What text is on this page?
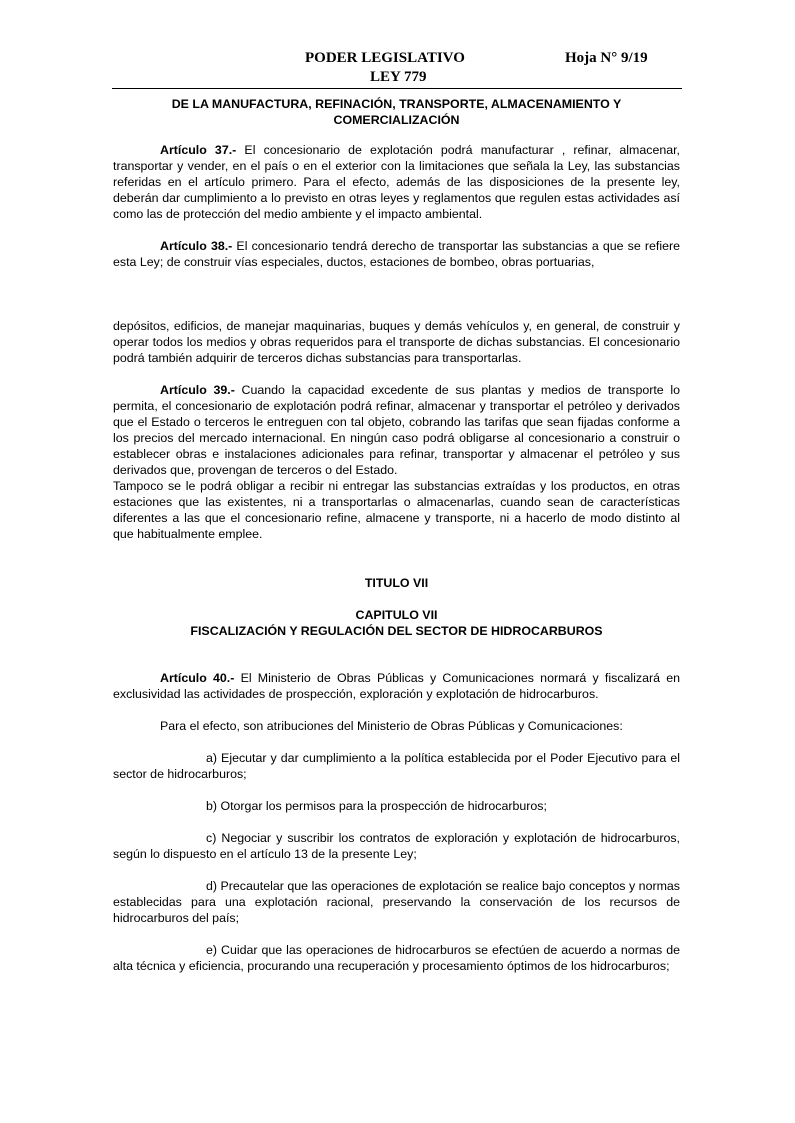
PODER LEGISLATIVO	Hoja N° 9/19
LEY 779
DE LA MANUFACTURA, REFINACIÓN, TRANSPORTE, ALMACENAMIENTO Y
COMERCIALIZACIÓN

Artículo 37.- El concesionario de explotación podrá manufacturar , refinar, almacenar, transportar y vender, en el país o en el exterior con la limitaciones que señala la Ley, las substancias referidas en el artículo primero. Para el efecto, además de las disposiciones de la presente ley, deberán dar cumplimiento a lo previsto en otras leyes y reglamentos que regulen estas actividades así como las de protección del medio ambiente y el impacto ambiental.

Artículo 38.- El concesionario tendrá derecho de transportar las substancias a que se refiere esta Ley; de construir vías especiales, ductos, estaciones de bombeo, obras portuarias,

depósitos, edificios, de manejar maquinarias, buques y demás vehículos y, en general, de construir y operar todos los medios y obras requeridos para el transporte de dichas substancias. El concesionario podrá también adquirir de terceros dichas substancias para transportarlas.

Artículo 39.- Cuando la capacidad excedente de sus plantas y medios de transporte lo permita, el concesionario de explotación podrá refinar, almacenar y transportar el petróleo y derivados que el Estado o terceros le entreguen con tal objeto, cobrando las tarifas que sean fijadas conforme a los precios del mercado internacional. En ningún caso podrá obligarse al concesionario a construir o establecer obras e instalaciones adicionales para refinar, transportar y almacenar el petróleo y sus derivados que, provengan de terceros o del Estado.

Tampoco se le podrá obligar a recibir ni entregar las substancias extraídas y los productos, en otras estaciones que las existentes, ni a transportarlas o almacenarlas, cuando sean de características diferentes a las que el concesionario refine, almacene y transporte, ni a hacerlo de modo distinto al que habitualmente emplee.

TITULO VII
CAPITULO VII
FISCALIZACIÓN Y REGULACIÓN DEL SECTOR DE HIDROCARBUROS

Artículo 40.- El Ministerio de Obras Públicas y Comunicaciones normará y fiscalizará en exclusividad las actividades de prospección, exploración y explotación de hidrocarburos.

Para el efecto, son atribuciones del Ministerio de Obras Públicas y Comunicaciones:

a) Ejecutar y dar cumplimiento a la política establecida por el Poder Ejecutivo para el sector de hidrocarburos;

b) Otorgar los permisos para la prospección de hidrocarburos;

c) Negociar y suscribir los contratos de exploración y explotación de hidrocarburos, según lo dispuesto en el artículo 13 de la presente Ley;

d) Precautelar que las operaciones de explotación se realice bajo conceptos y normas establecidas para una explotación racional, preservando la conservación de los recursos de hidrocarburos del país;

e) Cuidar que las operaciones de hidrocarburos se efectúen de acuerdo a normas de alta técnica y eficiencia, procurando una recuperación y procesamiento óptimos de los hidrocarburos;
